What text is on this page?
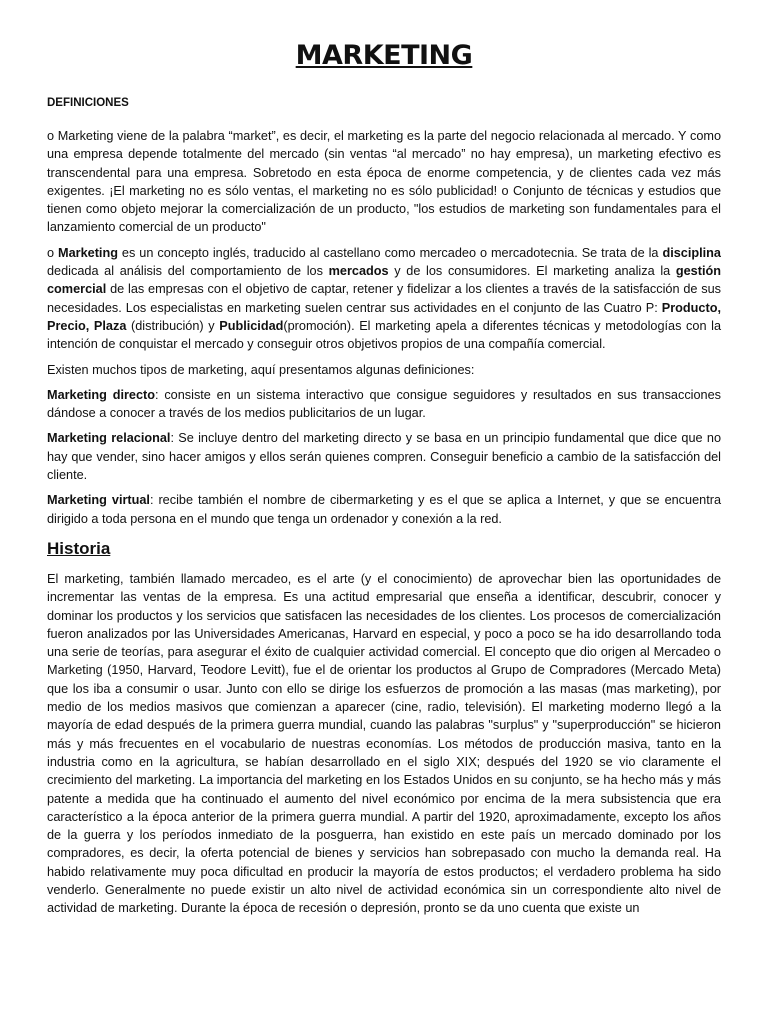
MARKETING

DEFINICIONES

o Marketing viene de la palabra “market”, es decir, el marketing es la parte del negocio relacionada al mercado. Y como una empresa depende totalmente del mercado (sin ventas “al mercado” no hay empresa), un marketing efectivo es transcendental para una empresa. Sobretodo en esta época de enorme competencia, y de clientes cada vez más exigentes. ¡El marketing no es sólo ventas, el marketing no es sólo publicidad! o Conjunto de técnicas y estudios que tienen como objeto mejorar la comercialización de un producto, "los estudios de marketing son fundamentales para el lanzamiento comercial de un producto"

o Marketing es un concepto inglés, traducido al castellano como mercadeo o mercadotecnia. Se trata de la disciplina dedicada al análisis del comportamiento de los mercados y de los consumidores. El marketing analiza la gestión comercial de las empresas con el objetivo de captar, retener y fidelizar a los clientes a través de la satisfacción de sus necesidades. Los especialistas en marketing suelen centrar sus actividades en el conjunto de las Cuatro P: Producto, Precio, Plaza (distribución) y Publicidad(promoción). El marketing apela a diferentes técnicas y metodologías con la intención de conquistar el mercado y conseguir otros objetivos propios de una compañía comercial.

Existen muchos tipos de marketing, aquí presentamos algunas definiciones:

Marketing directo: consiste en un sistema interactivo que consigue seguidores y resultados en sus transacciones dándose a conocer a través de los medios publicitarios de un lugar.

Marketing relacional: Se incluye dentro del marketing directo y se basa en un principio fundamental que dice que no hay que vender, sino hacer amigos y ellos serán quienes compren. Conseguir beneficio a cambio de la satisfacción del cliente.

Marketing virtual: recibe también el nombre de cibermarketing y es el que se aplica a Internet, y que se encuentra dirigido a toda persona en el mundo que tenga un ordenador y conexión a la red.

Historia

El marketing, también llamado mercadeo, es el arte (y el conocimiento) de aprovechar bien las oportunidades de incrementar las ventas de la empresa. Es una actitud empresarial que enseña a identificar, descubrir, conocer y dominar los productos y los servicios que satisfacen las necesidades de los clientes. Los procesos de comercialización fueron analizados por las Universidades Americanas, Harvard en especial, y poco a poco se ha ido desarrollando toda una serie de teorías, para asegurar el éxito de cualquier actividad comercial. El concepto que dio origen al Mercadeo o Marketing (1950, Harvard, Teodore Levitt), fue el de orientar los productos al Grupo de Compradores (Mercado Meta) que los iba a consumir o usar. Junto con ello se dirige los esfuerzos de promoción a las masas (mas marketing), por medio de los medios masivos que comienzan a aparecer (cine, radio, televisión). El marketing moderno llegó a la mayoría de edad después de la primera guerra mundial, cuando las palabras "surplus" y "superproducción" se hicieron más y más frecuentes en el vocabulario de nuestras economías. Los métodos de producción masiva, tanto en la industria como en la agricultura, se habían desarrollado en el siglo XIX; después del 1920 se vio claramente el crecimiento del marketing. La importancia del marketing en los Estados Unidos en su conjunto, se ha hecho más y más patente a medida que ha continuado el aumento del nivel económico por encima de la mera subsistencia que era característico a la época anterior de la primera guerra mundial. A partir del 1920, aproximadamente, excepto los años de la guerra y los períodos inmediato de la posguerra, han existido en este país un mercado dominado por los compradores, es decir, la oferta potencial de bienes y servicios han sobrepasado con mucho la demanda real. Ha habido relativamente muy poca dificultad en producir la mayoría de estos productos; el verdadero problema ha sido venderlo. Generalmente no puede existir un alto nivel de actividad económica sin un correspondiente alto nivel de actividad de marketing. Durante la época de recesión o depresión, pronto se da uno cuenta que existe un
